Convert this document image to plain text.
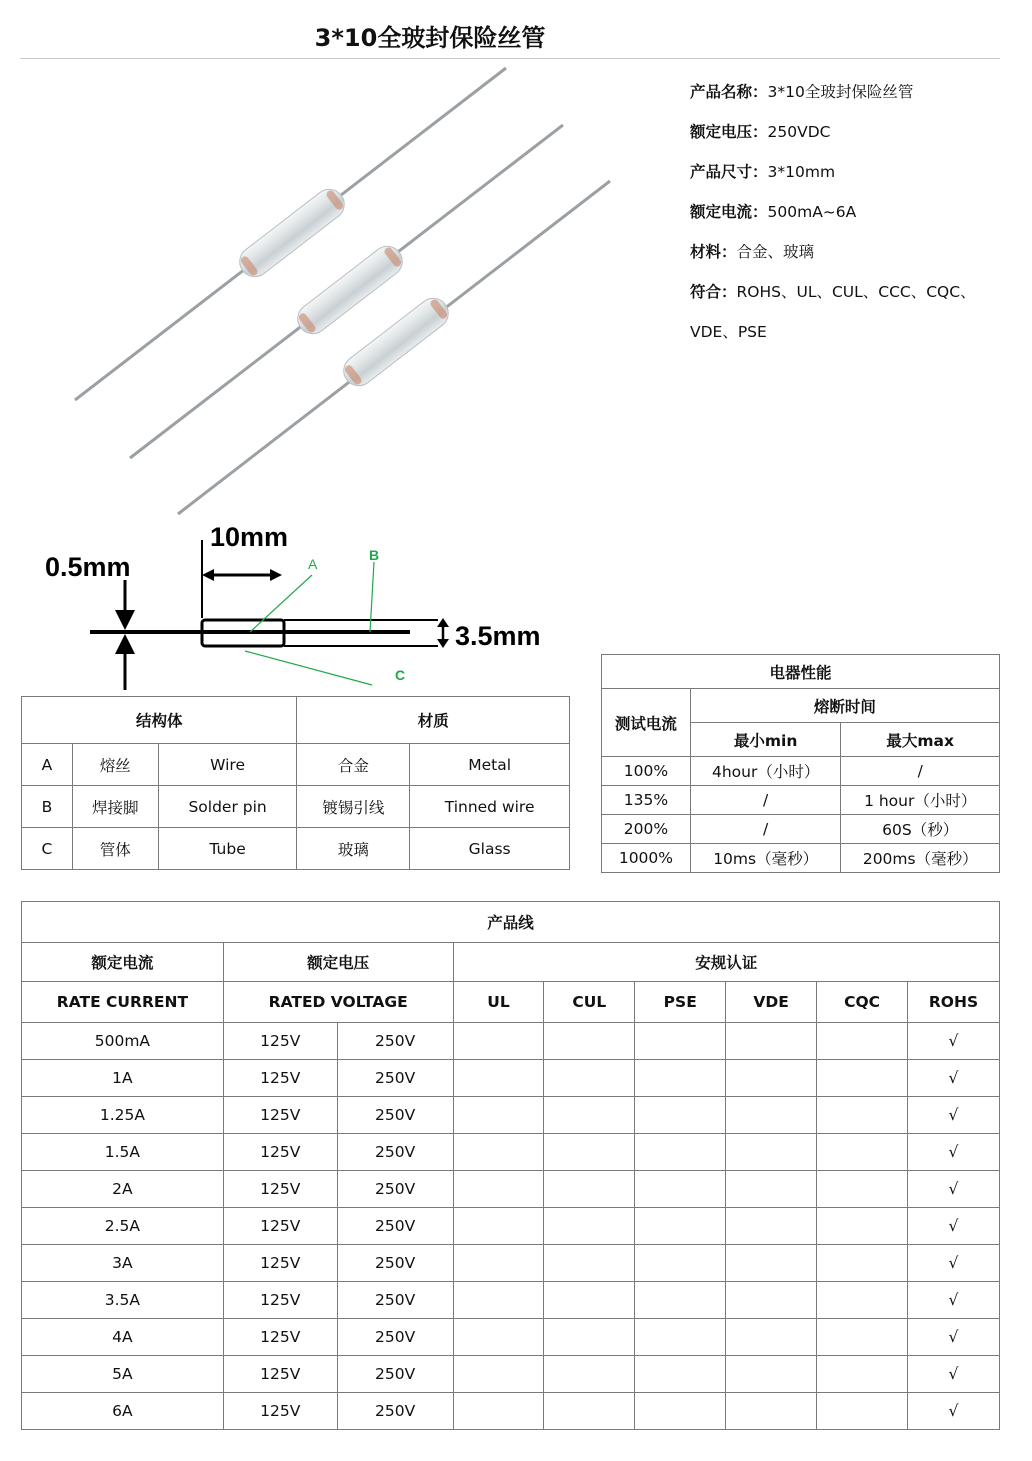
3*10全玻封保险丝管
产品名称：3*10全玻封保险丝管
额定电压：250VDC
产品尺寸：3*10mm
额定电流：500mA~6A
材料：合金、玻璃
符合：ROHS、UL、CUL、CCC、CQC、VDE、PSE
10mm
0.5mm
3.5mm
A
B
C
结构体			材质	
A	熔丝	Wire	合金	Metal
B	焊接脚	Solder pin	镀锡引线	Tinned wire
C	管体	Tube	玻璃	Glass
电器性能		
测试电流	熔断时间	
	最小min	最大max
100%	4hour（小时）	/
135%	/	1 hour（小时）
200%	/	60S（秒）
1000%	10ms（毫秒）	200ms（毫秒）
产品线								
额定电流	额定电压		安规认证					
RATE CURRENT	RATED VOLTAGE		UL	CUL	PSE	VDE	CQC	ROHS
500mA	125V	250V						√
1A	125V	250V						√
1.25A	125V	250V						√
1.5A	125V	250V						√
2A	125V	250V						√
2.5A	125V	250V						√
3A	125V	250V						√
3.5A	125V	250V						√
4A	125V	250V						√
5A	125V	250V						√
6A	125V	250V						√
